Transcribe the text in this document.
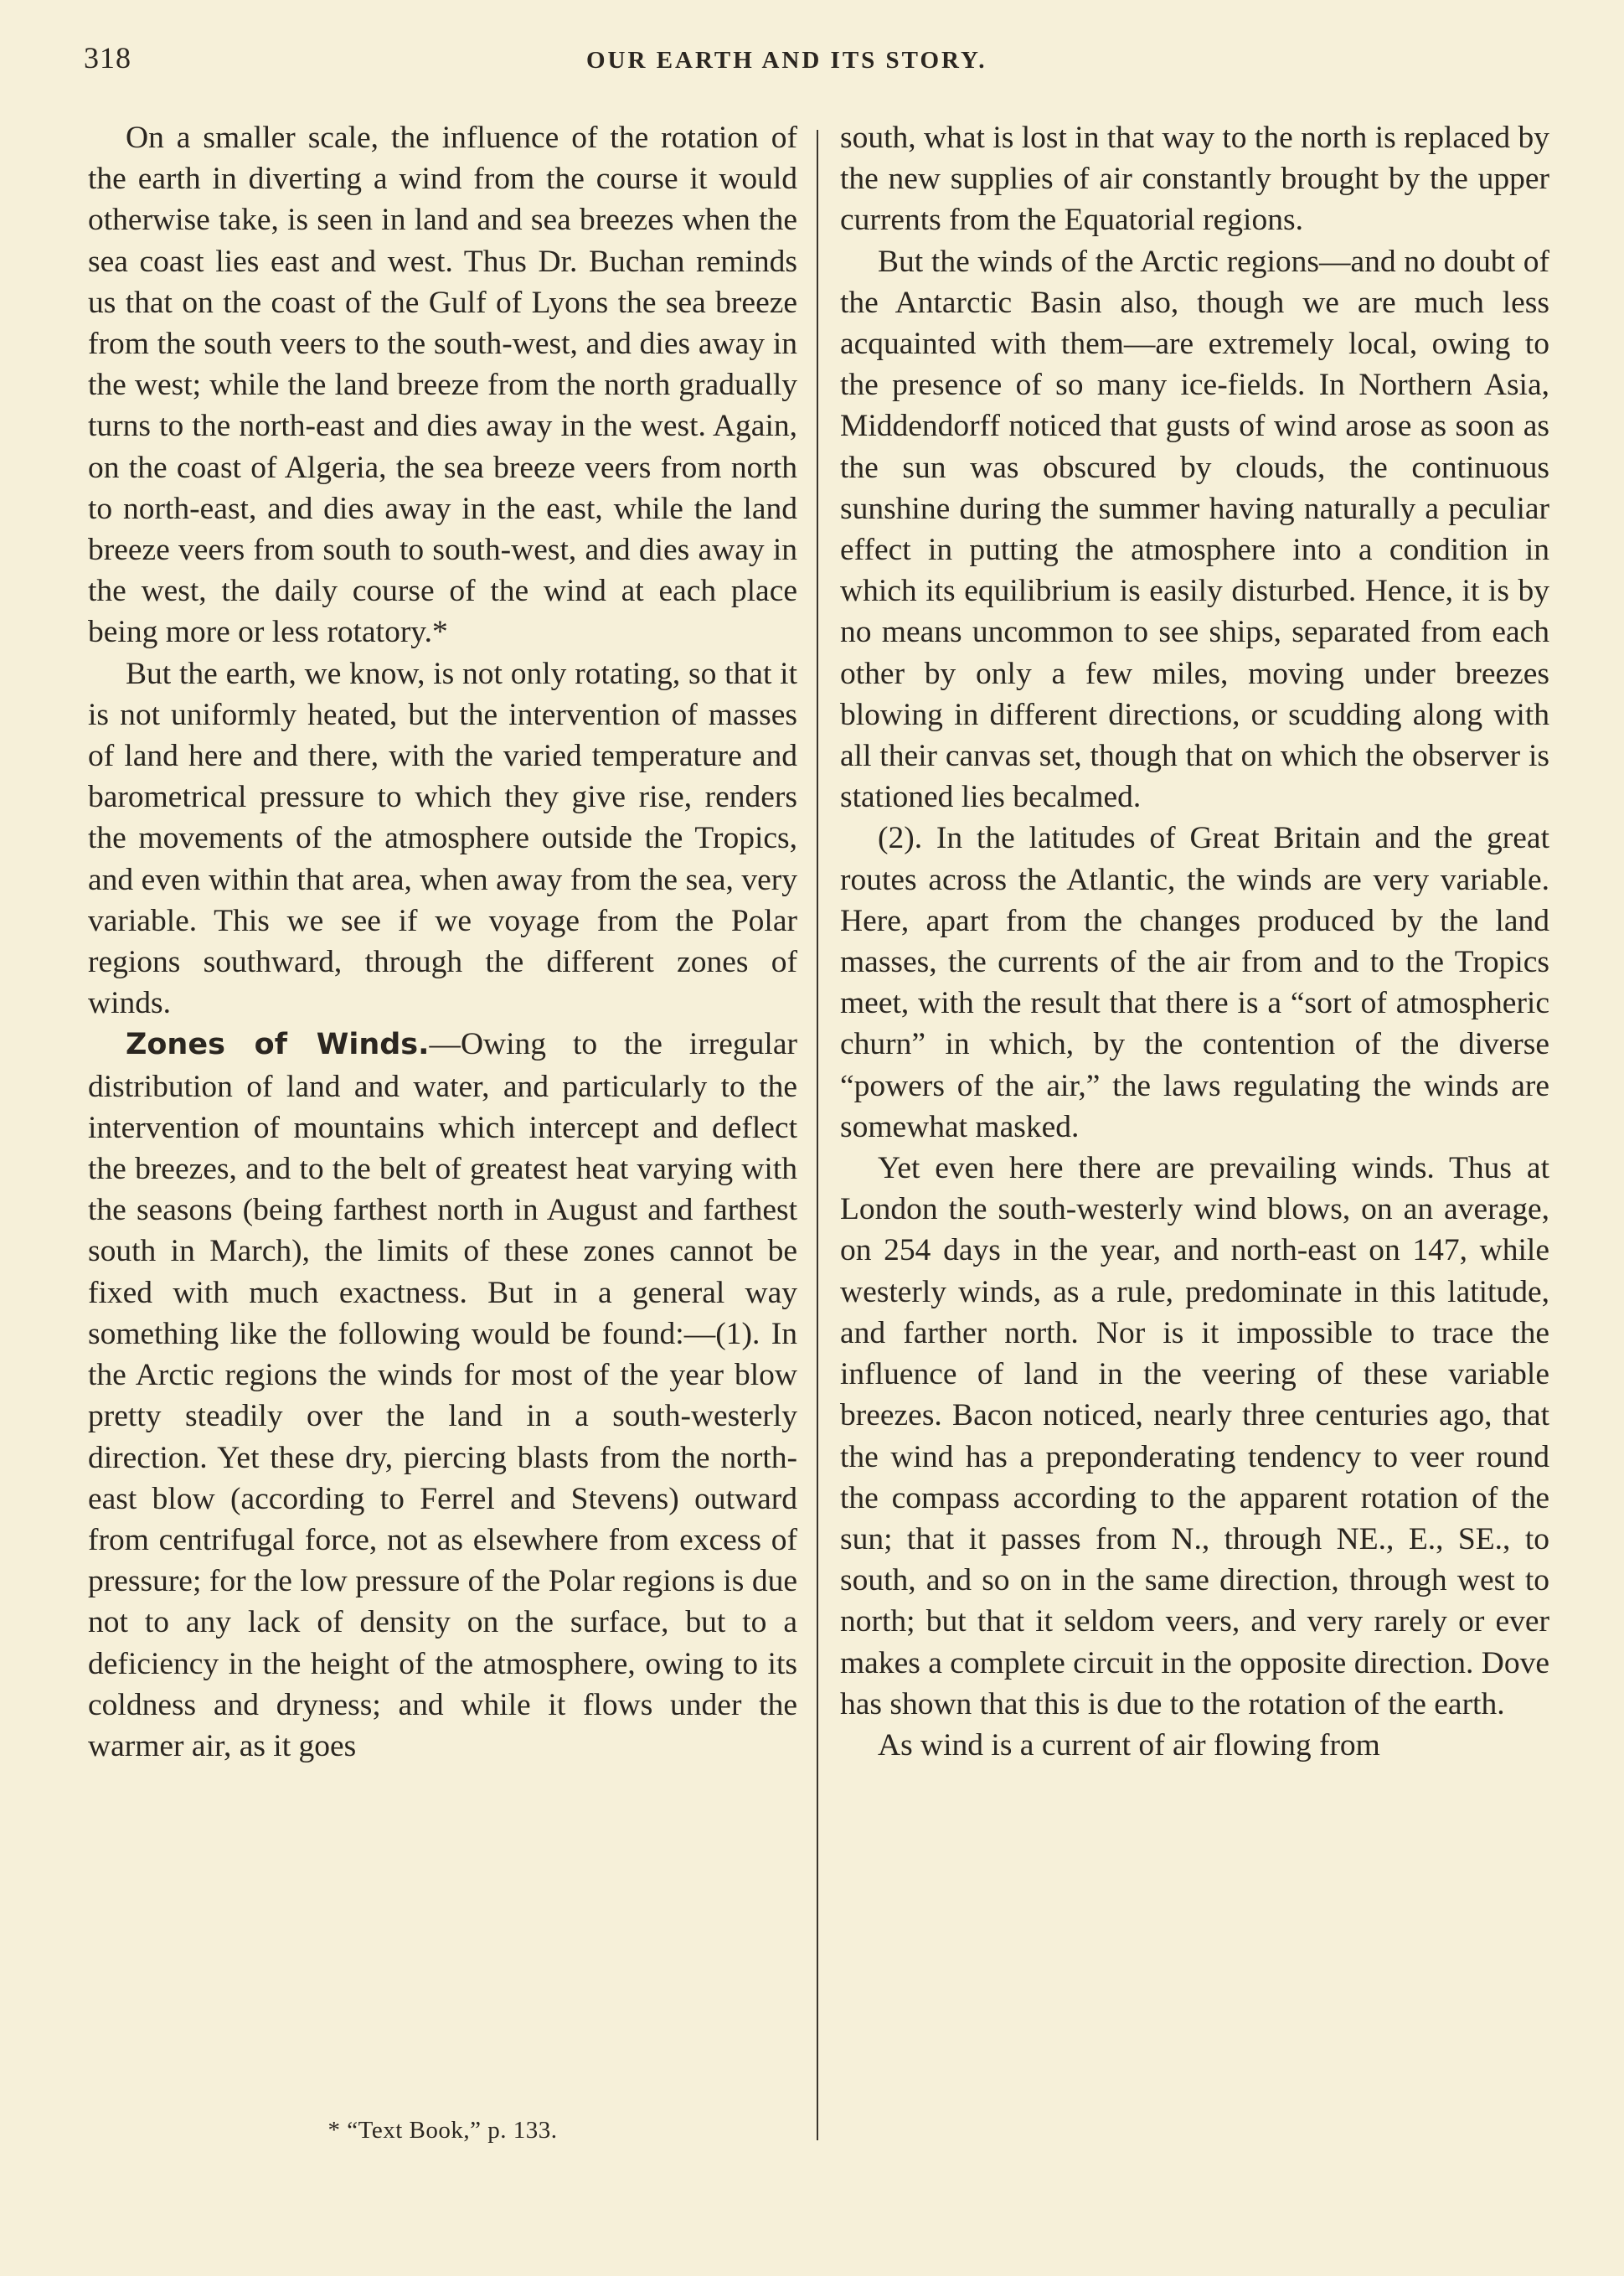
318	OUR EARTH AND ITS STORY.

On a smaller scale, the influence of the rotation of the earth in diverting a wind from the course it would otherwise take, is seen in land and sea breezes when the sea coast lies east and west. Thus Dr. Buchan reminds us that on the coast of the Gulf of Lyons the sea breeze from the south veers to the south-west, and dies away in the west; while the land breeze from the north gradually turns to the north-east and dies away in the west. Again, on the coast of Algeria, the sea breeze veers from north to north-east, and dies away in the east, while the land breeze veers from south to south-west, and dies away in the west, the daily course of the wind at each place being more or less rotatory.*

But the earth, we know, is not only rotating, so that it is not uniformly heated, but the intervention of masses of land here and there, with the varied temperature and barometrical pressure to which they give rise, renders the movements of the atmosphere outside the Tropics, and even within that area, when away from the sea, very variable. This we see if we voyage from the Polar regions southward, through the different zones of winds.

Zones of Winds.—Owing to the irregular distribution of land and water, and particularly to the intervention of mountains which intercept and deflect the breezes, and to the belt of greatest heat varying with the seasons (being farthest north in August and farthest south in March), the limits of these zones cannot be fixed with much exactness. But in a general way something like the following would be found:—(1). In the Arctic regions the winds for most of the year blow pretty steadily over the land in a south-westerly direction. Yet these dry, piercing blasts from the north-east blow (according to Ferrel and Stevens) outward from centrifugal force, not as elsewhere from excess of pressure; for the low pressure of the Polar regions is due not to any lack of density on the surface, but to a deficiency in the height of the atmosphere, owing to its coldness and dryness; and while it flows under the warmer air, as it goes

south, what is lost in that way to the north is replaced by the new supplies of air constantly brought by the upper currents from the Equatorial regions.

But the winds of the Arctic regions—and no doubt of the Antarctic Basin also, though we are much less acquainted with them—are extremely local, owing to the presence of so many ice-fields. In Northern Asia, Middendorff noticed that gusts of wind arose as soon as the sun was obscured by clouds, the continuous sunshine during the summer having naturally a peculiar effect in putting the atmosphere into a condition in which its equilibrium is easily disturbed. Hence, it is by no means uncommon to see ships, separated from each other by only a few miles, moving under breezes blowing in different directions, or scudding along with all their canvas set, though that on which the observer is stationed lies becalmed.

(2). In the latitudes of Great Britain and the great routes across the Atlantic, the winds are very variable. Here, apart from the changes produced by the land masses, the currents of the air from and to the Tropics meet, with the result that there is a “sort of atmospheric churn” in which, by the contention of the diverse “powers of the air,” the laws regulating the winds are somewhat masked.

Yet even here there are prevailing winds. Thus at London the south-westerly wind blows, on an average, on 254 days in the year, and north-east on 147, while westerly winds, as a rule, predominate in this latitude, and farther north. Nor is it impossible to trace the influence of land in the veering of these variable breezes. Bacon noticed, nearly three centuries ago, that the wind has a preponderating tendency to veer round the compass according to the apparent rotation of the sun; that it passes from N., through NE., E., SE., to south, and so on in the same direction, through west to north; but that it seldom veers, and very rarely or ever makes a complete circuit in the opposite direction. Dove has shown that this is due to the rotation of the earth.

As wind is a current of air flowing from

* “Text Book,” p. 133.
